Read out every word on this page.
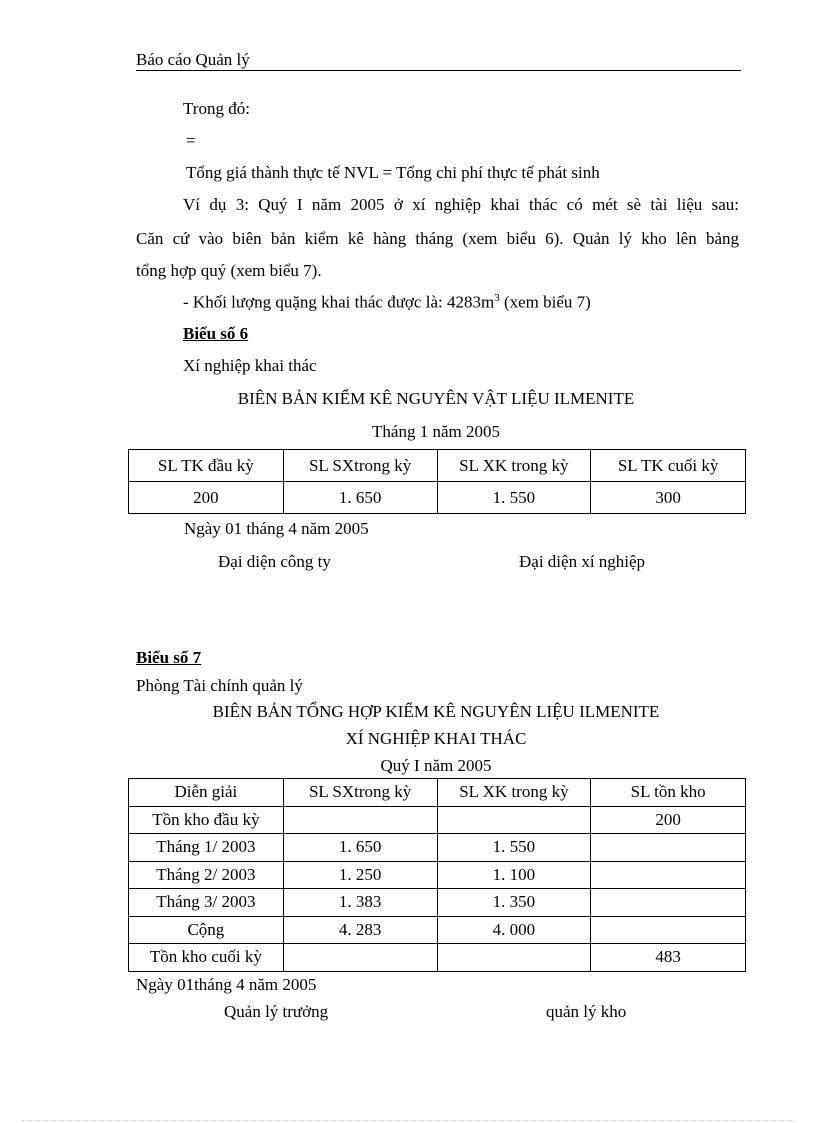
Báo cáo Quản lý
Trong đó:
=
Tổng giá thành thực tế NVL = Tổng chi phí thực tế phát sinh
Ví dụ 3: Quý I năm 2005 ở xí nghiệp khai thác có mét sè tài liệu sau:
Căn cứ vào biên bản kiểm kê hàng tháng (xem biểu 6). Quản lý kho lên bảng
tổng hợp quý (xem biểu 7).
- Khối lượng quặng khai thác được là: $4283m^3$ (xem biểu 7)
Biểu số 6
Xí nghiệp khai thác
BIÊN BẢN KIỂM KÊ NGUYÊN VẬT LIỆU ILMENITE
Tháng 1 năm 2005
SL TK đầu kỳ	SL SXtrong kỳ	SL XK trong kỳ	SL TK cuối kỳ
200	1. 650	1. 550	300
Ngày 01 tháng 4 năm 2005
Đại diện công ty	Đại diện xí nghiệp
Biểu số 7
Phòng Tài chính quản lý
BIÊN BẢN TỔNG HỢP KIỂM KÊ NGUYÊN LIỆU ILMENITE
XÍ NGHIỆP KHAI THÁC
Quý I năm 2005
Diễn giải	SL SXtrong kỳ	SL XK trong kỳ	SL tồn kho
Tồn kho đầu kỳ			200
Tháng 1/ 2003	1. 650	1. 550	
Tháng 2/ 2003	1. 250	1. 100	
Tháng 3/ 2003	1. 383	1. 350	
Cộng	4. 283	4. 000	
Tồn kho cuối kỳ			483
Ngày 01tháng 4 năm 2005
Quản lý trưởng	quản lý kho
